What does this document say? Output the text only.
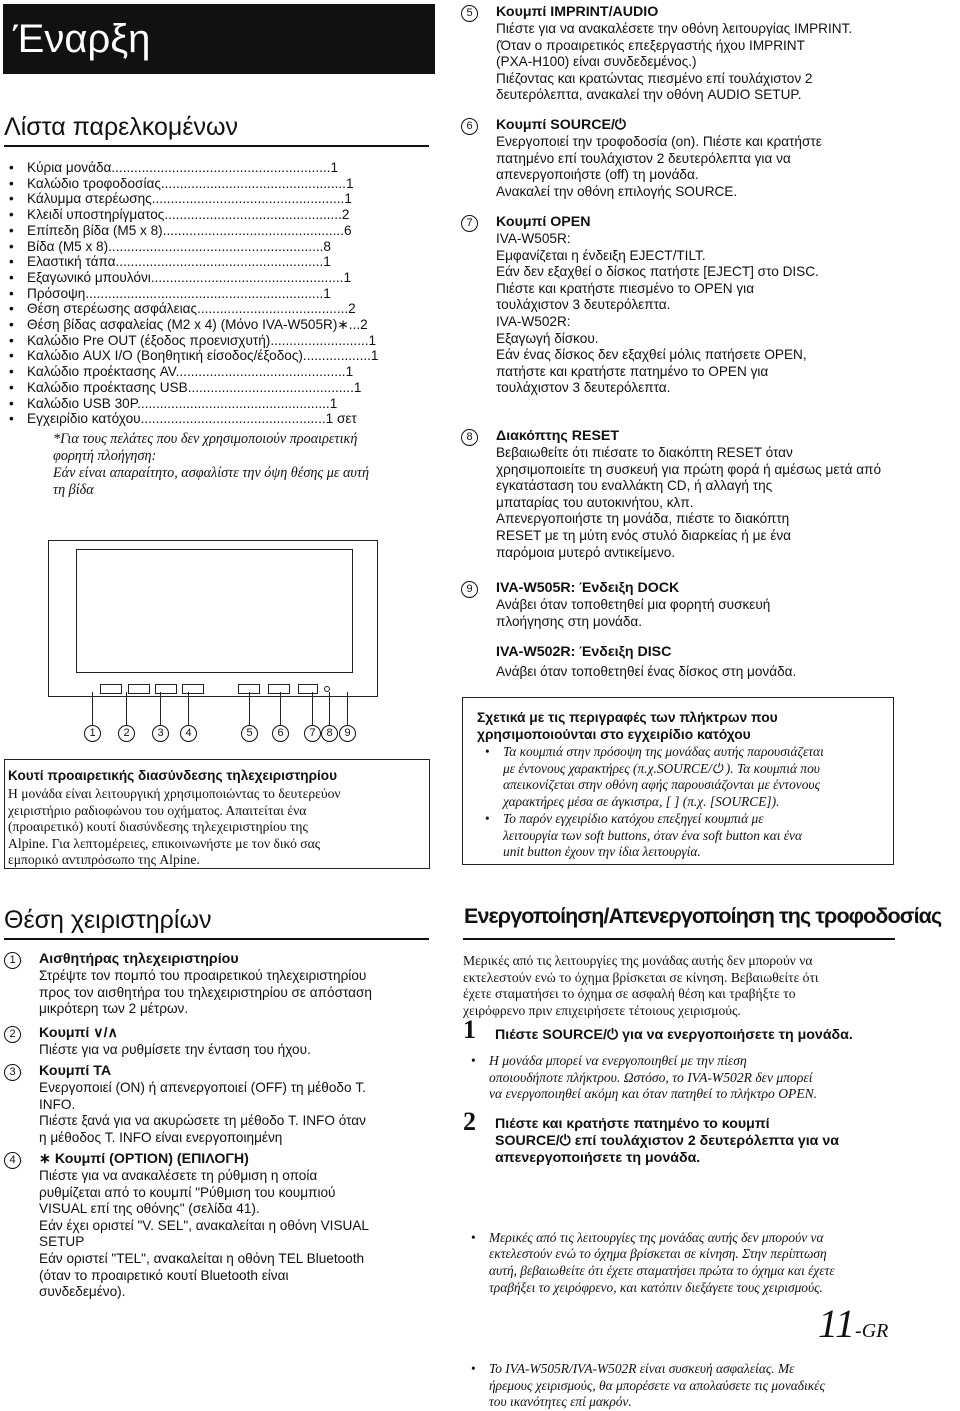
Έναρξη
Λίστα παρελκομένων
• Κύρια μονάδα..........................................................1
• Καλώδιο τροφοδοσίας.................................................1
• Κάλυμμα στερέωσης...................................................1
• Κλειδί υποστηρίγματος...............................................2
• Επίπεδη βίδα (M5 x 8)................................................6
• Βίδα (M5 x 8).........................................................8
• Ελαστική τάπα.......................................................1
• Εξαγωνικό μπουλόνι...................................................1
• Πρόσοψη...............................................................1
• Θέση στερέωσης ασφάλειας........................................2
• Θέση βίδας ασφαλείας (M2 x 4) (Μόνο IVA-W505R)∗...2
• Καλώδιο Pre OUT (έξοδος προενισχυτή)..........................1
• Καλώδιο AUX I/O (Βοηθητική είσοδος/έξοδος)..................1
• Καλώδιο προέκτασης AV.............................................1
• Καλώδιο προέκτασης USB............................................1
• Καλώδιο USB 30P...................................................1
• Εγχειρίδιο κατόχου.................................................1 σετ
*Για τους πελάτες που δεν χρησιμοποιούν προαιρετική
φορητή πλοήγηση:
Εάν είναι απαραίτητο, ασφαλίστε την όψη θέσης με αυτή
τη βίδα
1	2	3	4	5	6	7 8	9
Κουτί προαιρετικής διασύνδεσης τηλεχειριστηρίου
Η μονάδα είναι λειτουργική χρησιμοποιώντας το δευτερεύον
χειριστήριο ραδιοφώνου του οχήματος. Απαιτείται ένα
(προαιρετικό) κουτί διασύνδεσης τηλεχειριστηρίου της
Alpine. Για λεπτομέρειες, επικοινωνήστε με τον δικό σας
εμπορικό αντιπρόσωπο της Alpine.
Θέση χειριστηρίων
1	Αισθητήρας τηλεχειριστηρίου
Στρέψτε τον πομπό του προαιρετικού τηλεχειριστηρίου
προς τον αισθητήρα του τηλεχειριστηρίου σε απόσταση
μικρότερη των 2 μέτρων.
2	Κουμπί ∨/∧
Πιέστε για να ρυθμίσετε την ένταση του ήχου.
3	Κουμπί TA
Ενεργοποιεί (ON) ή απενεργοποιεί (OFF) τη μέθοδο T.
INFO.
Πιέστε ξανά για να ακυρώσετε τη μέθοδο T. INFO όταν
η μέθοδος T. INFO είναι ενεργοποιημένη
4	∗ Κουμπί (OPTION) (ΕΠΙΛΟΓΗ)
Πιέστε για να ανακαλέσετε τη ρύθμιση η οποία
ρυθμίζεται από το κουμπί "Ρύθμιση του κουμπιού
VISUAL επί της οθόνης" (σελίδα 41).
Εάν έχει οριστεί "V. SEL", ανακαλείται η οθόνη VISUAL
SETUP
Εάν οριστεί "TEL", ανακαλείται η οθόνη TEL Bluetooth
(όταν το προαιρετικό κουτί Bluetooth είναι
συνδεδεμένο).
5	Κουμπί IMPRINT/AUDIO
Πιέστε για να ανακαλέσετε την οθόνη λειτουργίας IMPRINT.
(Όταν ο προαιρετικός επεξεργαστής ήχου IMPRINT
(PXA-H100) είναι συνδεδεμένος.)
Πιέζοντας και κρατώντας πιεσμένο επί τουλάχιστον 2
δευτερόλεπτα, ανακαλεί την οθόνη AUDIO SETUP.
6	Κουμπί SOURCE/⏻
Ενεργοποιεί την τροφοδοσία (on). Πιέστε και κρατήστε
πατημένο επί τουλάχιστον 2 δευτερόλεπτα για να
απενεργοποιήστε (off) τη μονάδα.
Ανακαλεί την οθόνη επιλογής SOURCE.
7	Κουμπί OPEN
IVA-W505R:
Εμφανίζεται η ένδειξη EJECT/TILT.
Εάν δεν εξαχθεί ο δίσκος πατήστε [EJECT] στο DISC.
Πιέστε και κρατήστε πιεσμένο το OPEN για
τουλάχιστον 3 δευτερόλεπτα.
IVA-W502R:
Εξαγωγή δίσκου.
Εάν ένας δίσκος δεν εξαχθεί μόλις πατήσετε OPEN,
πατήστε και κρατήστε πατημένο το OPEN για
τουλάχιστον 3 δευτερόλεπτα.
8	Διακόπτης RESET
Βεβαιωθείτε ότι πιέσατε το διακόπτη RESET όταν
χρησιμοποιείτε τη συσκευή για πρώτη φορά ή αμέσως μετά από
εγκατάσταση του εναλλάκτη CD, ή αλλαγή της
μπαταρίας του αυτοκινήτου, κλπ.
Απενεργοποιήστε τη μονάδα, πιέστε το διακόπτη
RESET με τη μύτη ενός στυλό διαρκείας ή με ένα
παρόμοια μυτερό αντικείμενο.
9	IVA-W505R: Ένδειξη DOCK
Ανάβει όταν τοποθετηθεί μια φορητή συσκευή
πλοήγησης στη μονάδα.
IVA-W502R: Ένδειξη DISC
Ανάβει όταν τοποθετηθεί ένας δίσκος στη μονάδα.
Σχετικά με τις περιγραφές των πλήκτρων που
χρησιμοποιούνται στο εγχειρίδιο κατόχου
• Τα κουμπιά στην πρόσοψη της μονάδας αυτής παρουσιάζεται
με έντονους χαρακτήρες (π.χ.SOURCE/⏻ ). Τα κουμπιά που
απεικονίζεται στην οθόνη αφής παρουσιάζονται με έντονους
χαρακτήρες μέσα σε άγκιστρα, [ ] (π.χ. [SOURCE]).
• Το παρόν εγχειρίδιο κατόχου επεξηγεί κουμπιά με
λειτουργία των soft buttons, όταν ένα soft button και ένα
unit button έχουν την ίδια λειτουργία.
Ενεργοποίηση/Απενεργοποίηση της τροφοδοσίας
Μερικές από τις λειτουργίες της μονάδας αυτής δεν μπορούν να
εκτελεστούν ενώ το όχημα βρίσκεται σε κίνηση. Βεβαιωθείτε ότι
έχετε σταματήσει το όχημα σε ασφαλή θέση και τραβήξτε το
χειρόφρενο πριν επιχειρήσετε τέτοιους χειρισμούς.
1 Πιέστε SOURCE/⏻ για να ενεργοποιήσετε τη μονάδα.
• Η μονάδα μπορεί να ενεργοποιηθεί με την πίεση
οποιουδήποτε πλήκτρου. Ωστόσο, το IVA-W502R δεν μπορεί
να ενεργοποιηθεί ακόμη και όταν πατηθεί το πλήκτρο OPEN.
2 Πιέστε και κρατήστε πατημένο το κουμπί
SOURCE/⏻ επί τουλάχιστον 2 δευτερόλεπτα για να
απενεργοποιήσετε τη μονάδα.
• Μερικές από τις λειτουργίες της μονάδας αυτής δεν μπορούν να
εκτελεστούν ενώ το όχημα βρίσκεται σε κίνηση. Στην περίπτωση
αυτή, βεβαιωθείτε ότι έχετε σταματήσει πρώτα το όχημα και έχετε
τραβήξει το χειρόφρενο, και κατόπιν διεξάγετε τους χειρισμούς.
• Το IVA-W505R/IVA-W502R είναι συσκευή ασφαλείας. Με
ήρεμους χειρισμούς, θα μπορέσετε να απολαύσετε τις μοναδικές
του ικανότητες επί μακρόν.
11-GR
